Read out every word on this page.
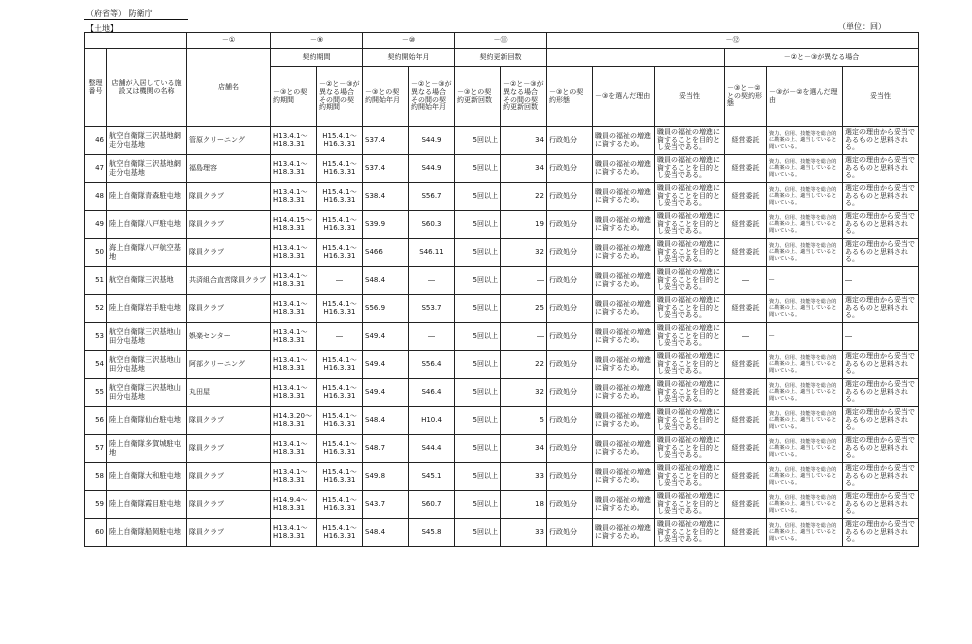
（府省等） 防衛庁
【土地】	（単位：回）
		－①	－⑨		－⑩		－⑪		－⑫					
整理番号	店舗が入居している施設又は機関の名称	店舗名	契約期間		契約開始年月		契約更新回数					－②と－③が異なる場合		
			－③との契約期間	－②と－③が異なる場合その間の契約期間	－③との契約開始年月	－②と－③が異なる場合その間の契約開始年月	－③との契約更新回数	－②と－③が異なる場合その間の契約更新回数	－③との契約形態	－③を選んだ理由	妥当性	－③と－②との契約形態	－③が－②を選んだ理由	妥当性
46	航空自衛隊三沢基地網走分屯基地	管原クリーニング	H13.4.1～H18.3.31	H15.4.1～H16.3.31	S37.4	S44.9	5回以上	34	行政処分	職員の福祉の増進に資するため。	職員の福祉の増進に資することを目的とし妥当である。	経営委託	資力、信用、技能等を総合的に勘案の上、適当していると聞いている。	選定の理由から妥当であるものと思料される。
47	航空自衛隊三沢基地網走分屯基地	福島理容	H13.4.1～H18.3.31	H15.4.1～H16.3.31	S37.4	S44.9	5回以上	34	行政処分	職員の福祉の増進に資するため。	職員の福祉の増進に資することを目的とし妥当である。	経営委託	資力、信用、技能等を総合的に勘案の上、適当していると聞いている。	選定の理由から妥当であるものと思料される。
48	陸上自衛隊青森駐屯地	隊員クラブ	H13.4.1～H18.3.31	H15.4.1～H16.3.31	S38.4	S56.7	5回以上	22	行政処分	職員の福祉の増進に資するため。	職員の福祉の増進に資することを目的とし妥当である。	経営委託	資力、信用、技能等を総合的に勘案の上、適当していると聞いている。	選定の理由から妥当であるものと思料される。
49	陸上自衛隊八戸駐屯地	隊員クラブ	H14.4.15～H18.3.31	H15.4.1～H16.3.31	S39.9	S60.3	5回以上	19	行政処分	職員の福祉の増進に資するため。	職員の福祉の増進に資することを目的とし妥当である。	経営委託	資力、信用、技能等を総合的に勘案の上、適当していると聞いている。	選定の理由から妥当であるものと思料される。
50	海上自衛隊八戸航空基地	隊員クラブ	H13.4.1～H18.3.31	H15.4.1～H16.3.31	S466	S46.11	5回以上	32	行政処分	職員の福祉の増進に資するため。	職員の福祉の増進に資することを目的とし妥当である。	経営委託	資力、信用、技能等を総合的に勘案の上、適当していると聞いている。	選定の理由から妥当であるものと思料される。
51	航空自衛隊三沢基地	共済組合直営隊員クラブ	H13.4.1～H18.3.31	―	S48.4	―	5回以上	―	行政処分	職員の福祉の増進に資するため。	職員の福祉の増進に資することを目的とし妥当である。	―	―	―
52	陸上自衛隊岩手駐屯地	隊員クラブ	H13.4.1～H18.3.31	H15.4.1～H16.3.31	S56.9	S53.7	5回以上	25	行政処分	職員の福祉の増進に資するため。	職員の福祉の増進に資することを目的とし妥当である。	経営委託	資力、信用、技能等を総合的に勘案の上、適当していると聞いている。	選定の理由から妥当であるものと思料される。
53	航空自衛隊三沢基地山田分屯基地	娯楽センター	H13.4.1～H18.3.31	―	S49.4	―	5回以上	―	行政処分	職員の福祉の増進に資するため。	職員の福祉の増進に資することを目的とし妥当である。	―	―	―
54	航空自衛隊三沢基地山田分屯基地	阿部クリーニング	H13.4.1～H18.3.31	H15.4.1～H16.3.31	S49.4	S56.4	5回以上	22	行政処分	職員の福祉の増進に資するため。	職員の福祉の増進に資することを目的とし妥当である。	経営委託	資力、信用、技能等を総合的に勘案の上、適当していると聞いている。	選定の理由から妥当であるものと思料される。
55	航空自衛隊三沢基地山田分屯基地	丸田屋	H13.4.1～H18.3.31	H15.4.1～H16.3.31	S49.4	S46.4	5回以上	32	行政処分	職員の福祉の増進に資するため。	職員の福祉の増進に資することを目的とし妥当である。	経営委託	資力、信用、技能等を総合的に勘案の上、適当していると聞いている。	選定の理由から妥当であるものと思料される。
56	陸上自衛隊仙台駐屯地	隊員クラブ	H14.3.20～H18.3.31	H15.4.1～H16.3.31	S48.4	H10.4	5回以上	5	行政処分	職員の福祉の増進に資するため。	職員の福祉の増進に資することを目的とし妥当である。	経営委託	資力、信用、技能等を総合的に勘案の上、適当していると聞いている。	選定の理由から妥当であるものと思料される。
57	陸上自衛隊多賀城駐屯地	隊員クラブ	H13.4.1～H18.3.31	H15.4.1～H16.3.31	S48.7	S44.4	5回以上	34	行政処分	職員の福祉の増進に資するため。	職員の福祉の増進に資することを目的とし妥当である。	経営委託	資力、信用、技能等を総合的に勘案の上、適当していると聞いている。	選定の理由から妥当であるものと思料される。
58	陸上自衛隊大和駐屯地	隊員クラブ	H13.4.1～H18.3.31	H15.4.1～H16.3.31	S49.8	S45.1	5回以上	33	行政処分	職員の福祉の増進に資するため。	職員の福祉の増進に資することを目的とし妥当である。	経営委託	資力、信用、技能等を総合的に勘案の上、適当していると聞いている。	選定の理由から妥当であるものと思料される。
59	陸上自衛隊霞目駐屯地	隊員クラブ	H14.9.4～H18.3.31	H15.4.1～H16.3.31	S43.7	S60.7	5回以上	18	行政処分	職員の福祉の増進に資するため。	職員の福祉の増進に資することを目的とし妥当である。	経営委託	資力、信用、技能等を総合的に勘案の上、適当していると聞いている。	選定の理由から妥当であるものと思料される。
60	陸上自衛隊船岡駐屯地	隊員クラブ	H13.4.1～H18.3.31	H15.4.1～H16.3.31	S48.4	S45.8	5回以上	33	行政処分	職員の福祉の増進に資するため。	職員の福祉の増進に資することを目的とし妥当である。	経営委託	資力、信用、技能等を総合的に勘案の上、適当していると聞いている。	選定の理由から妥当であるものと思料される。
